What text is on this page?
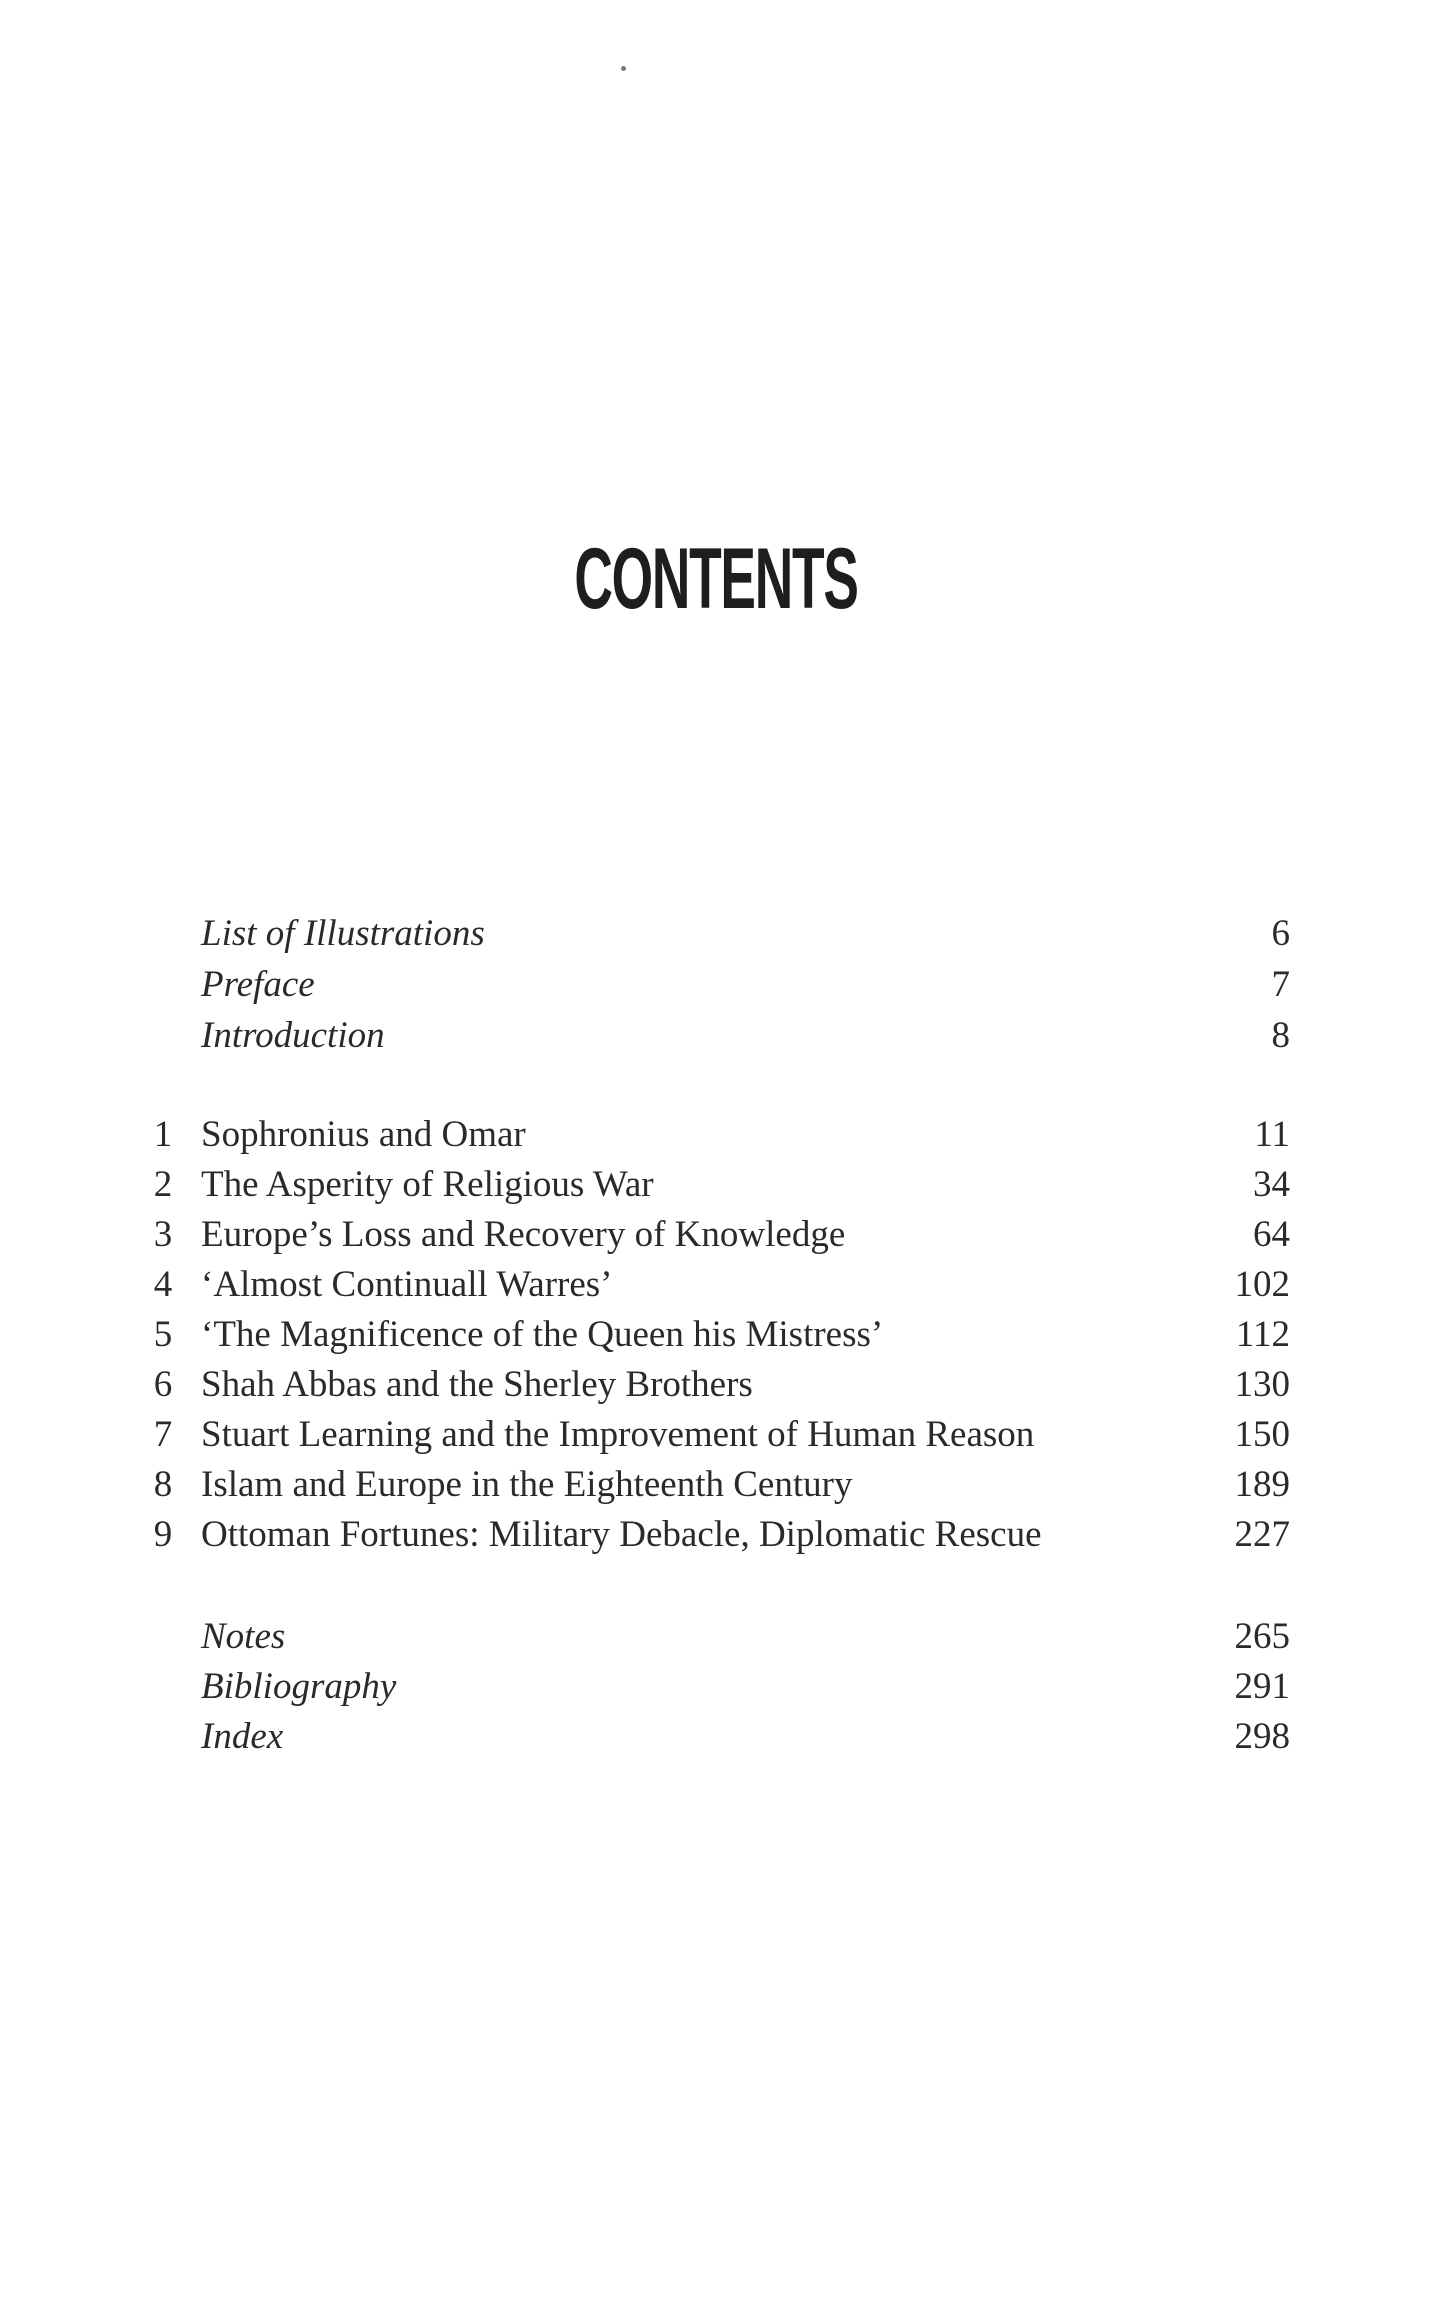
CONTENTS
List of Illustrations	6
Preface	7
Introduction	8
1 Sophronius and Omar	11
2 The Asperity of Religious War	34
3 Europe’s Loss and Recovery of Knowledge	64
4 ‘Almost Continuall Warres’	102
5 ‘The Magnificence of the Queen his Mistress’	112
6 Shah Abbas and the Sherley Brothers	130
7 Stuart Learning and the Improvement of Human Reason	150
8 Islam and Europe in the Eighteenth Century	189
9 Ottoman Fortunes: Military Debacle, Diplomatic Rescue	227
Notes	265
Bibliography	291
Index	298
